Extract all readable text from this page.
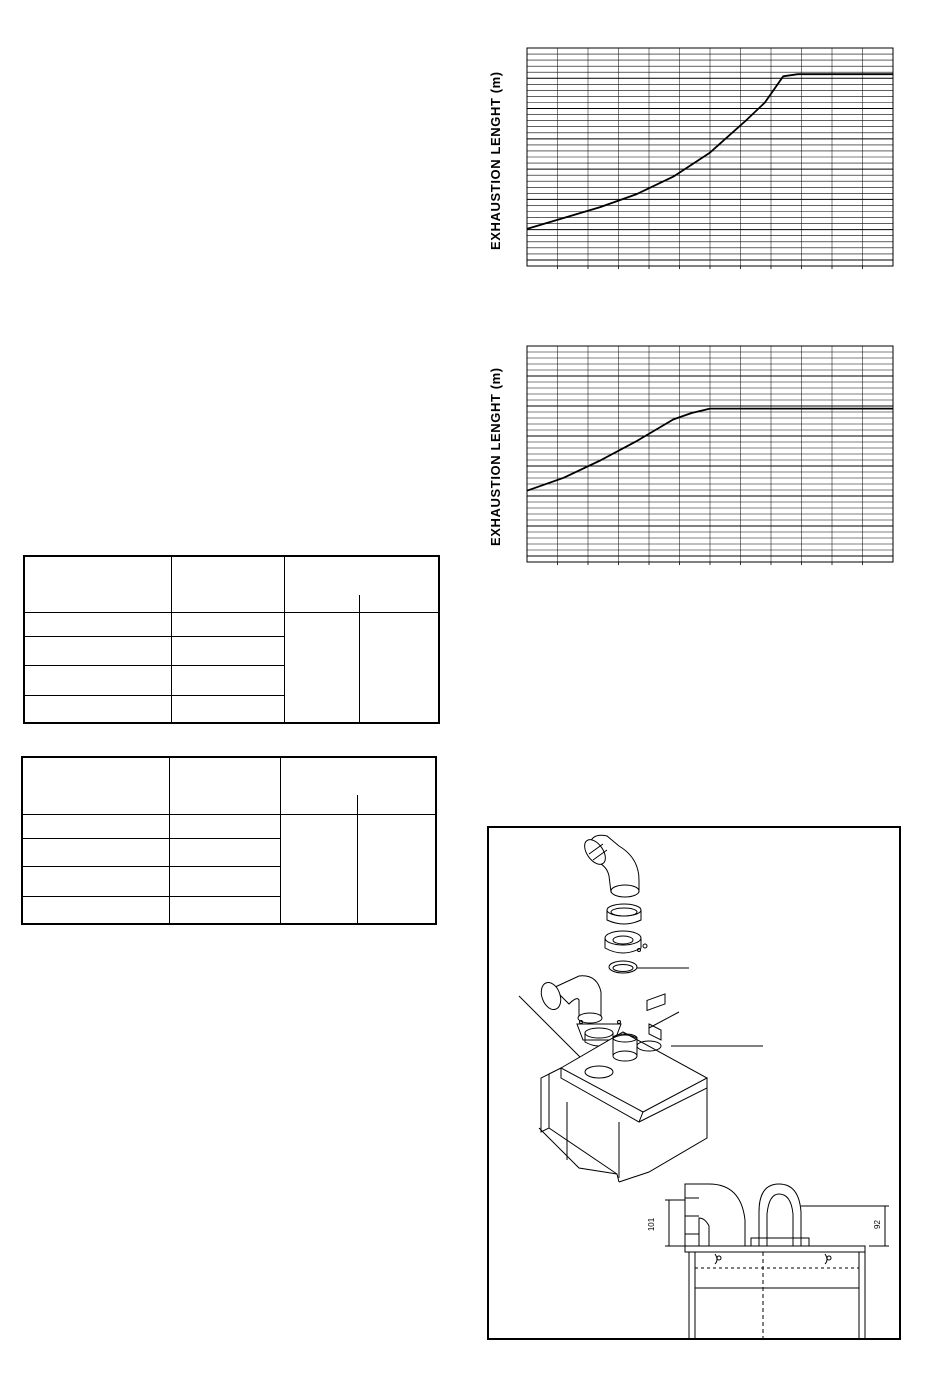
EXHAUSTION LENGHT (m)
EXHAUSTION LENGHT (m)

101	92
